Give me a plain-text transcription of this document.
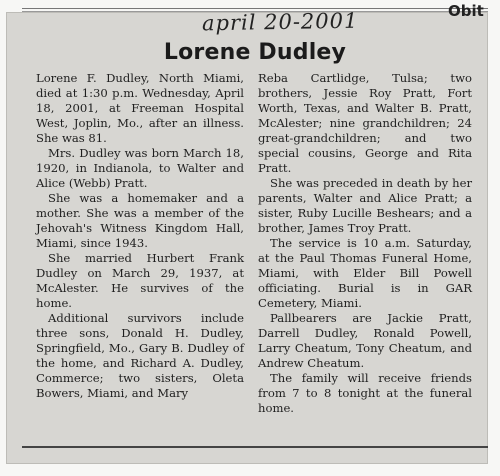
Obit
april 20-2001
Lorene Dudley

Lorene F. Dudley, North Miami, died at 1:30 p.m. Wednesday, April 18, 2001, at Freeman Hospital West, Joplin, Mo., after an illness. She was 81.

Mrs. Dudley was born March 18, 1920, in Indianola, to Walter and Alice (Webb) Pratt.

She was a homemaker and a mother. She was a member of the Jehovah's Witness Kingdom Hall, Miami, since 1943.

She married Hurbert Frank Dudley on March 29, 1937, at McAlester. He survives of the home.

Additional survivors include three sons, Donald H. Dudley, Springfield, Mo., Gary B. Dudley of the home, and Richard A. Dudley, Commerce; two sisters, Oleta Bowers, Miami, and Mary

Reba Cartlidge, Tulsa; two brothers, Jessie Roy Pratt, Fort Worth, Texas, and Walter B. Pratt, McAlester; nine grandchildren; 24 great-grandchildren; and two special cousins, George and Rita Pratt.

She was preceded in death by her parents, Walter and Alice Pratt; a sister, Ruby Lucille Beshears; and a brother, James Troy Pratt.

The service is 10 a.m. Saturday, at the Paul Thomas Funeral Home, Miami, with Elder Bill Powell officiating. Burial is in GAR Cemetery, Miami.

Pallbearers are Jackie Pratt, Darrell Dudley, Ronald Powell, Larry Cheatum, Tony Cheatum, and Andrew Cheatum.

The family will receive friends from 7 to 8 tonight at the funeral home.
